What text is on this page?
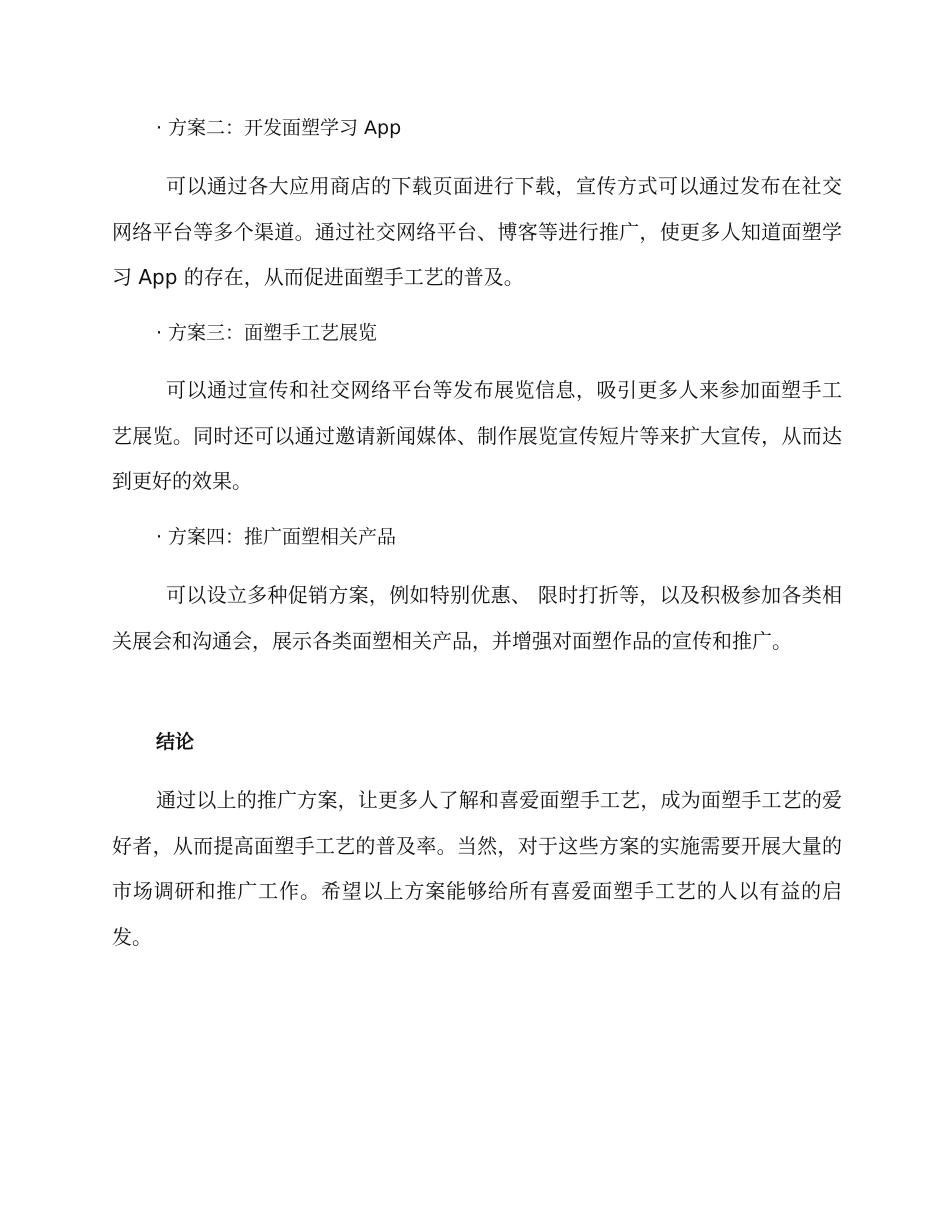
· 方案二：开发面塑学习 App
可以通过各大应用商店的下载页面进行下载，宣传方式可以通过发布在社交网络平台等多个渠道。通过社交网络平台、博客等进行推广，使更多人知道面塑学习 App 的存在，从而促进面塑手工艺的普及。
· 方案三：面塑手工艺展览
可以通过宣传和社交网络平台等发布展览信息，吸引更多人来参加面塑手工艺展览。同时还可以通过邀请新闻媒体、制作展览宣传短片等来扩大宣传，从而达到更好的效果。
· 方案四：推广面塑相关产品
可以设立多种促销方案，例如特别优惠、 限时打折等，以及积极参加各类相关展会和沟通会，展示各类面塑相关产品，并增强对面塑作品的宣传和推广。
结论
通过以上的推广方案，让更多人了解和喜爱面塑手工艺，成为面塑手工艺的爱好者，从而提高面塑手工艺的普及率。当然，对于这些方案的实施需要开展大量的市场调研和推广工作。希望以上方案能够给所有喜爱面塑手工艺的人以有益的启发。
